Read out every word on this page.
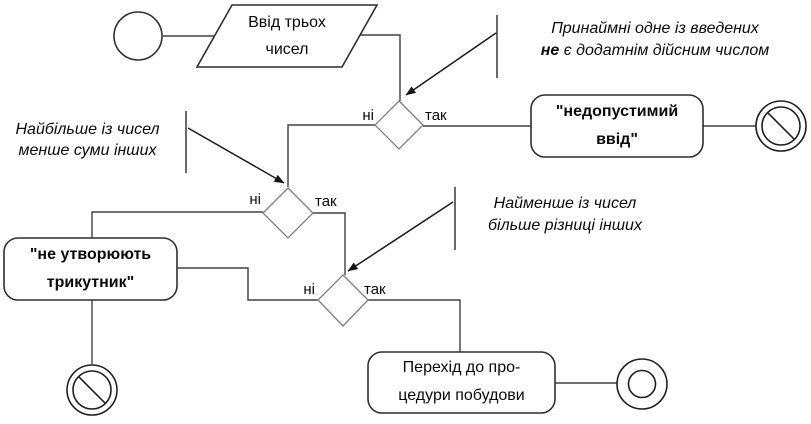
Ввід трьох
чисел
"недопустимий
ввід"
"не утворюють
трикутник"
Перехід до про-
цедури побудови
ні	так
ні	так
ні	так
Принаймні одне із введених
не є додатнім дійсним числом
Найбільше із чисел
менше суми інших
Найменше із чисел
більше різниці інших
